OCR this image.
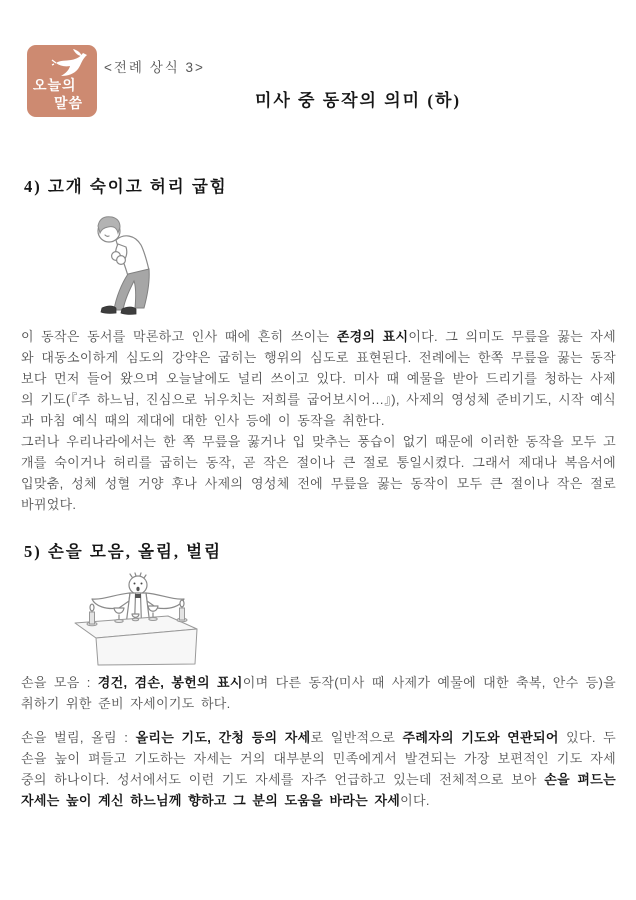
오늘의
말씀
<전례 상식 3>
미사 중 동작의 의미 (하)
4) 고개 숙이고 허리 굽힘

이 동작은 동서를 막론하고 인사 때에 흔히 쓰이는 존경의 표시이다. 그 의미도 무릎을 꿇는 자세와 대동소이하게 심도의 강약은 굽히는 행위의 심도로 표현된다. 전례에는 한쪽 무릎을 꿇는 동작보다 먼저 들어 왔으며 오늘날에도 널리 쓰이고 있다. 미사 때 예물을 받아 드리기를 청하는 사제의 기도(『주 하느님, 진심으로 뉘우치는 저희를 굽어보시어…』), 사제의 영성체 준비기도, 시작 예식과 마침 예식 때의 제대에 대한 인사 등에 이 동작을 취한다.

그러나 우리나라에서는 한 쪽 무릎을 꿇거나 입 맞추는 풍습이 없기 때문에 이러한 동작을 모두 고개를 숙이거나 허리를 굽히는 동작, 곧 작은 절이나 큰 절로 통일시켰다. 그래서 제대나 복음서에 입맞춤, 성체 성혈 거양 후나 사제의 영성체 전에 무릎을 꿇는 동작이 모두 큰 절이나 작은 절로 바뀌었다.

5) 손을 모음, 올림, 벌림

손을 모음 : 경건, 겸손, 봉헌의 표시이며 다른 동작(미사 때 사제가 예물에 대한 축복, 안수 등)을 취하기 위한 준비 자세이기도 하다.

손을 벌림, 올림 : 올리는 기도, 간청 등의 자세로 일반적으로 주례자의 기도와 연관되어 있다. 두 손을 높이 펴들고 기도하는 자세는 거의 대부분의 민족에게서 발견되는 가장 보편적인 기도 자세 중의 하나이다. 성서에서도 이런 기도 자세를 자주 언급하고 있는데 전체적으로 보아 손을 펴드는 자세는 높이 계신 하느님께 향하고 그 분의 도움을 바라는 자세이다.
